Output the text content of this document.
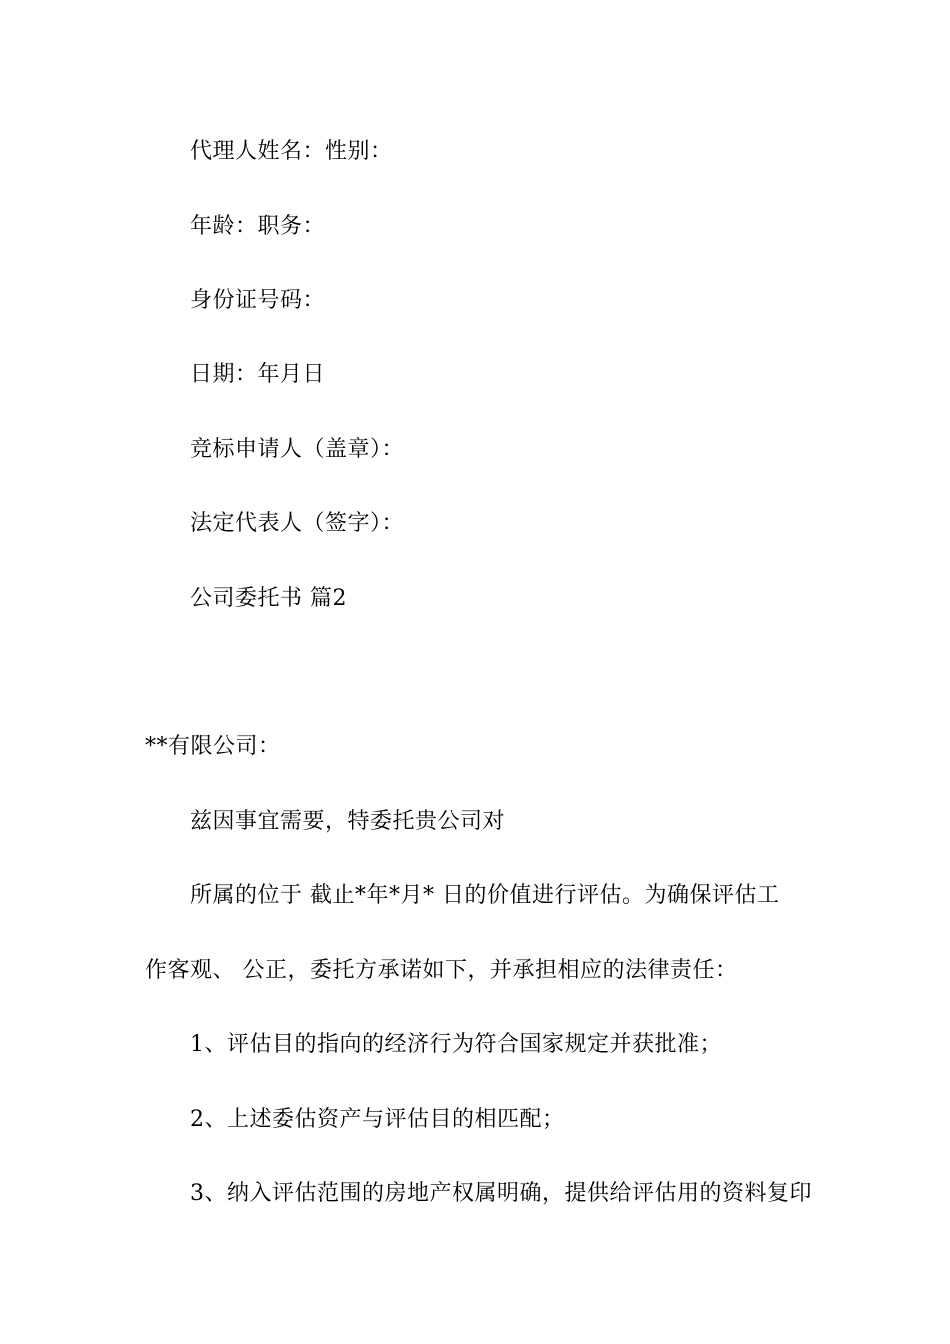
代理人姓名：性别：
年龄：职务：
身份证号码：
日期：年月日
竞标申请人（盖章）：
法定代表人（签字）：
公司委托书 篇2
**有限公司：
兹因事宜需要，特委托贵公司对
所属的位于 截止*年*月* 日的价值进行评估。为确保评估工
作客观、 公正，委托方承诺如下，并承担相应的法律责任：
1、评估目的指向的经济行为符合国家规定并获批准；
2、上述委估资产与评估目的相匹配；
3、纳入评估范围的房地产权属明确，提供给评估用的资料复印
